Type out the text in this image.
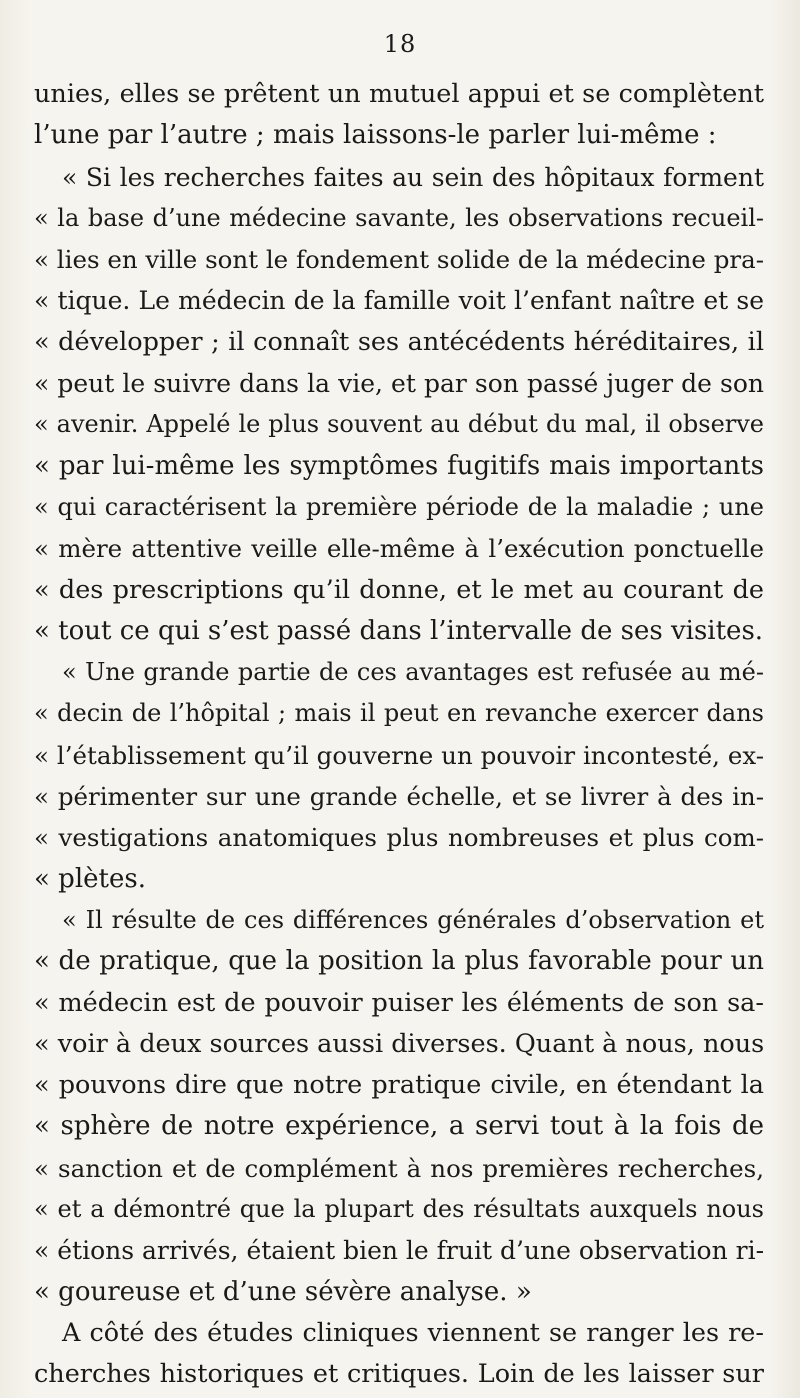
18
unies, elles se prêtent un mutuel appui et se complètent
l’une par l’autre ; mais laissons-le parler lui-même :
« Si les recherches faites au sein des hôpitaux forment
« la base d’une médecine savante, les observations recueil-
« lies en ville sont le fondement solide de la médecine pra-
« tique. Le médecin de la famille voit l’enfant naître et se
« développer ; il connaît ses antécédents héréditaires, il
« peut le suivre dans la vie, et par son passé juger de son
« avenir. Appelé le plus souvent au début du mal, il observe
« par lui-même les symptômes fugitifs mais importants
« qui caractérisent la première période de la maladie ; une
« mère attentive veille elle-même à l’exécution ponctuelle
« des prescriptions qu’il donne, et le met au courant de
« tout ce qui s’est passé dans l’intervalle de ses visites.
« Une grande partie de ces avantages est refusée au mé-
« decin de l’hôpital ; mais il peut en revanche exercer dans
« l’établissement qu’il gouverne un pouvoir incontesté, ex-
« périmenter sur une grande échelle, et se livrer à des in-
« vestigations anatomiques plus nombreuses et plus com-
« plètes.
« Il résulte de ces différences générales d’observation et
« de pratique, que la position la plus favorable pour un
« médecin est de pouvoir puiser les éléments de son sa-
« voir à deux sources aussi diverses. Quant à nous, nous
« pouvons dire que notre pratique civile, en étendant la
« sphère de notre expérience, a servi tout à la fois de
« sanction et de complément à nos premières recherches,
« et a démontré que la plupart des résultats auxquels nous
« étions arrivés, étaient bien le fruit d’une observation ri-
« goureuse et d’une sévère analyse. »
A côté des études cliniques viennent se ranger les re-
cherches historiques et critiques. Loin de les laisser sur
